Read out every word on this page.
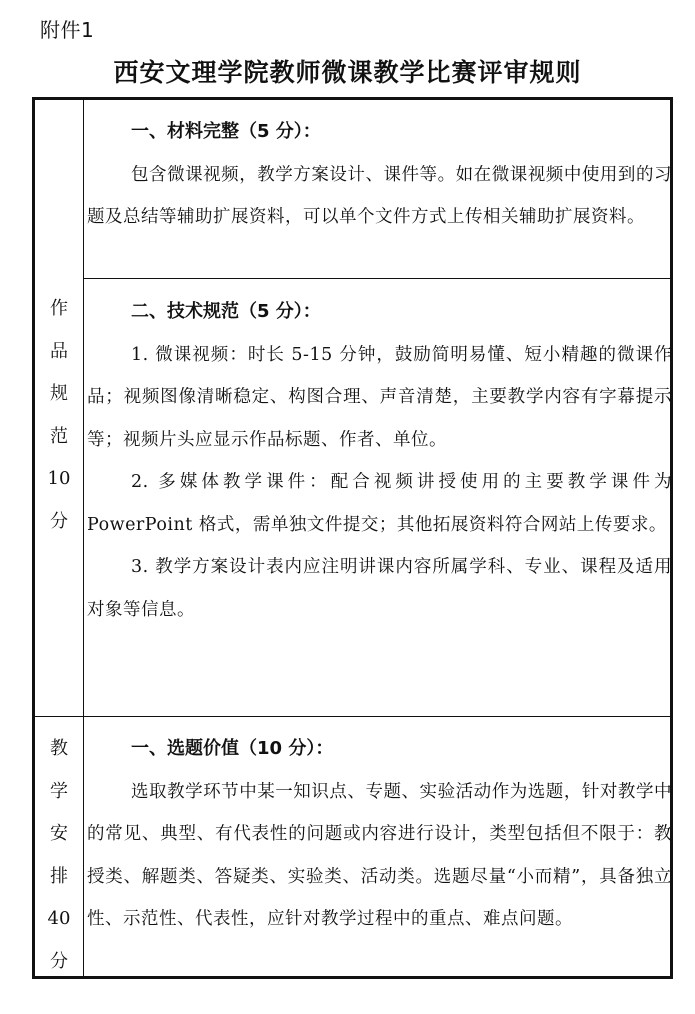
附件1
西安文理学院教师微课教学比赛评审规则
作
品
规
范
10
分
一、材料完整（5 分）：
包含微课视频，教学方案设计、课件等。如在微课视频中使用到的习题及总结等辅助扩展资料，可以单个文件方式上传相关辅助扩展资料。
二、技术规范（5 分）：
1. 微课视频：时长 5-15 分钟，鼓励简明易懂、短小精趣的微课作品；视频图像清晰稳定、构图合理、声音清楚，主要教学内容有字幕提示等；视频片头应显示作品标题、作者、单位。
2. 多媒体教学课件：配合视频讲授使用的主要教学课件为 PowerPoint 格式，需单独文件提交；其他拓展资料符合网站上传要求。
3. 教学方案设计表内应注明讲课内容所属学科、专业、课程及适用对象等信息。
教
学
安
排
40
分
一、选题价值（10 分）：
选取教学环节中某一知识点、专题、实验活动作为选题，针对教学中的常见、典型、有代表性的问题或内容进行设计，类型包括但不限于：教授类、解题类、答疑类、实验类、活动类。选题尽量“小而精”，具备独立性、示范性、代表性，应针对教学过程中的重点、难点问题。
